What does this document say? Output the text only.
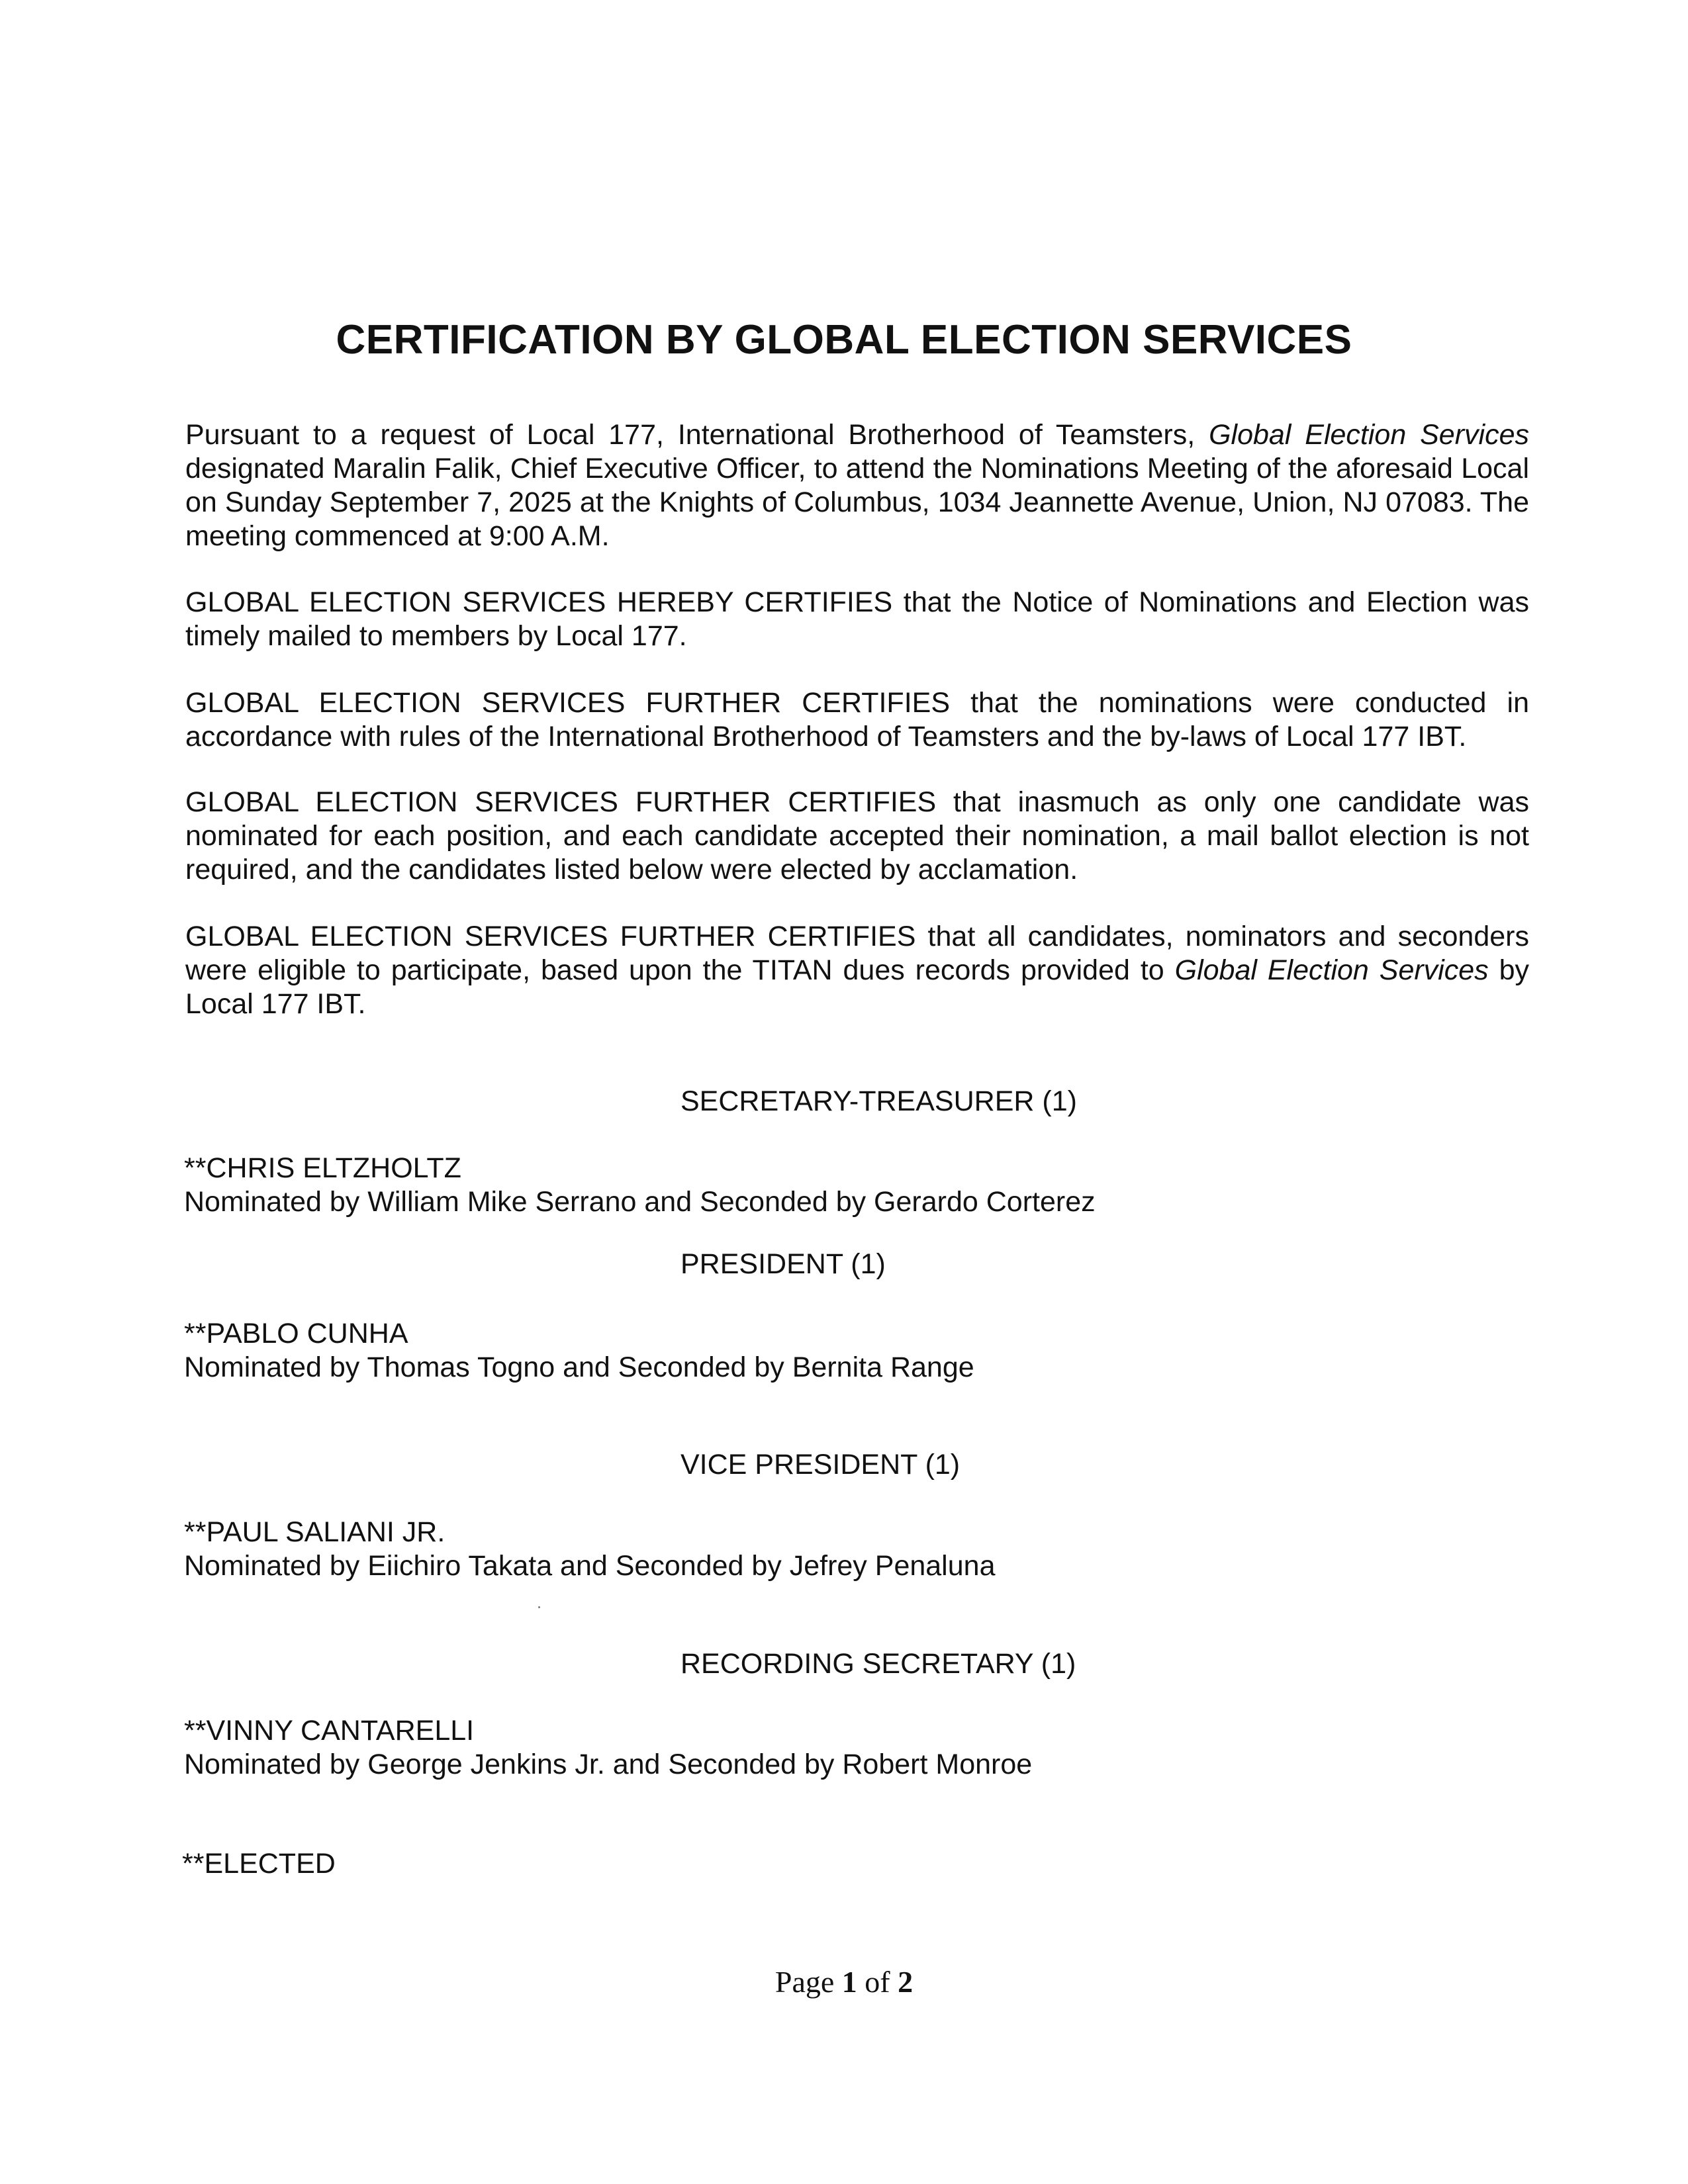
CERTIFICATION BY GLOBAL ELECTION SERVICES

Pursuant to a request of Local 177, International Brotherhood of Teamsters, Global Election Services designated Maralin Falik, Chief Executive Officer, to attend the Nominations Meeting of the aforesaid Local on Sunday September 7, 2025 at the Knights of Columbus, 1034 Jeannette Avenue, Union, NJ 07083. The meeting commenced at 9:00 A.M.

GLOBAL ELECTION SERVICES HEREBY CERTIFIES that the Notice of Nominations and Election was timely mailed to members by Local 177.

GLOBAL ELECTION SERVICES FURTHER CERTIFIES that the nominations were conducted in accordance with rules of the International Brotherhood of Teamsters and the by-laws of Local 177 IBT.

GLOBAL ELECTION SERVICES FURTHER CERTIFIES that inasmuch as only one candidate was nominated for each position, and each candidate accepted their nomination, a mail ballot election is not required, and the candidates listed below were elected by acclamation.

GLOBAL ELECTION SERVICES FURTHER CERTIFIES that all candidates, nominators and seconders were eligible to participate, based upon the TITAN dues records provided to Global Election Services by Local 177 IBT.

SECRETARY-TREASURER (1)

**CHRIS ELTZHOLTZ
Nominated by William Mike Serrano and Seconded by Gerardo Corterez

PRESIDENT (1)

**PABLO CUNHA
Nominated by Thomas Togno and Seconded by Bernita Range

VICE PRESIDENT (1)

**PAUL SALIANI JR.
Nominated by Eiichiro Takata and Seconded by Jefrey Penaluna

RECORDING SECRETARY (1)

**VINNY CANTARELLI
Nominated by George Jenkins Jr. and Seconded by Robert Monroe

**ELECTED

Page 1 of 2
